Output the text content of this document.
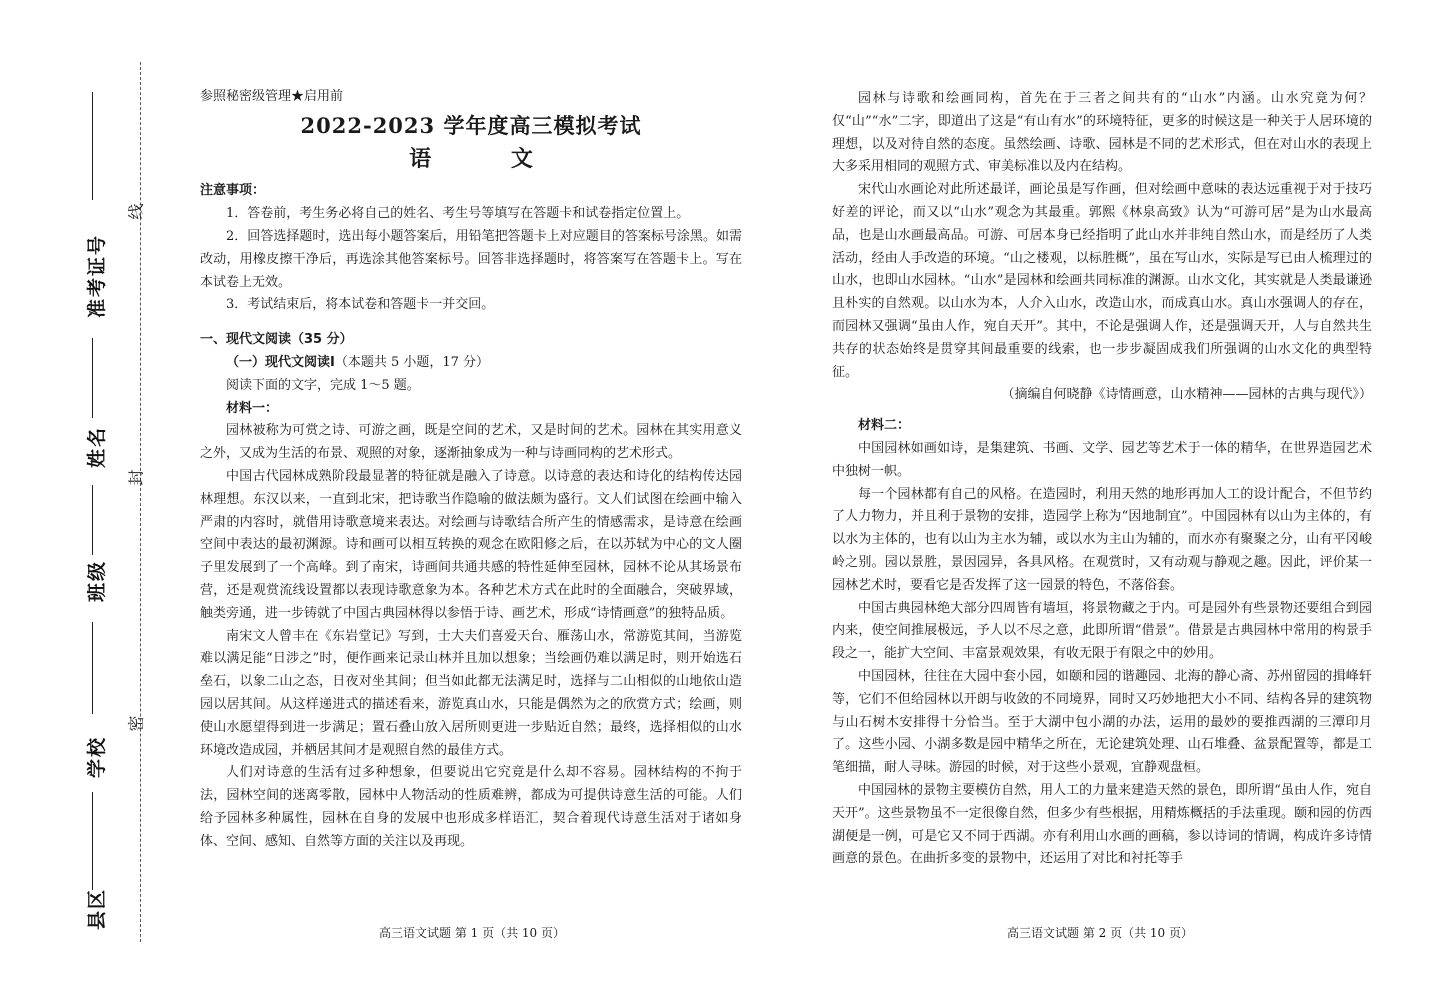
准考证号
姓名
班级
学校
县区
线
封
密

参照秘密级管理★启用前

2022-2023 学年度高三模拟考试

语 文

注意事项：

1．答卷前，考生务必将自己的姓名、考生号等填写在答题卡和试卷指定位置上。

2．回答选择题时，选出每小题答案后，用铅笔把答题卡上对应题目的答案标号涂黑。如需改动，用橡皮擦干净后，再选涂其他答案标号。回答非选择题时，将答案写在答题卡上。写在本试卷上无效。

3．考试结束后，将本试卷和答题卡一并交回。

一、现代文阅读（35 分）

（一）现代文阅读Ⅰ（本题共 5 小题，17 分）

阅读下面的文字，完成 1～5 题。

材料一：

园林被称为可赏之诗、可游之画，既是空间的艺术，又是时间的艺术。园林在其实用意义之外，又成为生活的布景、观照的对象，逐渐抽象成为一种与诗画同构的艺术形式。

中国古代园林成熟阶段最显著的特征就是融入了诗意。以诗意的表达和诗化的结构传达园林理想。东汉以来，一直到北宋，把诗歌当作隐喻的做法颇为盛行。文人们试图在绘画中输入严肃的内容时，就借用诗歌意境来表达。对绘画与诗歌结合所产生的情感需求，是诗意在绘画空间中表达的最初渊源。诗和画可以相互转换的观念在欧阳修之后，在以苏轼为中心的文人圈子里发展到了一个高峰。到了南宋，诗画间共通共感的特性延伸至园林，园林不论从其场景布营，还是观赏流线设置都以表现诗歌意象为本。各种艺术方式在此时的全面融合，突破界域，触类旁通，进一步铸就了中国古典园林得以参悟于诗、画艺术，形成“诗情画意”的独特品质。

南宋文人曾丰在《东岩堂记》写到，士大夫们喜爱天台、雁荡山水，常游览其间，当游览难以满足能“日涉之”时，便作画来记录山林并且加以想象；当绘画仍难以满足时，则开始选石垒石，以象二山之态，日夜对坐其间；但当如此都无法满足时，选择与二山相似的山地依山造园以居其间。从这样递进式的描述看来，游览真山水，只能是偶然为之的欣赏方式；绘画，则使山水愿望得到进一步满足；置石叠山放入居所则更进一步贴近自然；最终，选择相似的山水环境改造成园，并栖居其间才是观照自然的最佳方式。

人们对诗意的生活有过多种想象，但要说出它究竟是什么却不容易。园林结构的不拘于法，园林空间的迷离零散，园林中人物活动的性质难辨，都成为可提供诗意生活的可能。人们给予园林多种属性，园林在自身的发展中也形成多样语汇，契合着现代诗意生活对于诸如身体、空间、感知、自然等方面的关注以及再现。

高三语文试题 第 1 页（共 10 页）

园林与诗歌和绘画同构，首先在于三者之间共有的“山水”内涵。山水究竟为何？仅“山”“水”二字，即道出了这是“有山有水”的环境特征，更多的时候这是一种关于人居环境的理想，以及对待自然的态度。虽然绘画、诗歌、园林是不同的艺术形式，但在对山水的表现上大多采用相同的观照方式、审美标准以及内在结构。

宋代山水画论对此所述最详，画论虽是写作画，但对绘画中意味的表达远重视于对于技巧好差的评论，而又以“山水”观念为其最重。郭熙《林泉高致》认为“可游可居”是为山水最高品，也是山水画最高品。可游、可居本身已经指明了此山水并非纯自然山水，而是经历了人类活动，经由人手改造的环境。“山之楼观，以标胜概”，虽在写山水，实际是写已由人梳理过的山水，也即山水园林。“山水”是园林和绘画共同标准的渊源。山水文化，其实就是人类最谦逊且朴实的自然观。以山水为本，人介入山水，改造山水，而成真山水。真山水强调人的存在，而园林又强调“虽由人作，宛自天开”。其中，不论是强调人作，还是强调天开，人与自然共生共存的状态始终是贯穿其间最重要的线索，也一步步凝固成我们所强调的山水文化的典型特征。

（摘编自何晓静《诗情画意，山水精神——园林的古典与现代》）

材料二：

中国园林如画如诗，是集建筑、书画、文学、园艺等艺术于一体的精华，在世界造园艺术中独树一帜。

每一个园林都有自己的风格。在造园时，利用天然的地形再加人工的设计配合，不但节约了人力物力，并且利于景物的安排，造园学上称为“因地制宜”。中国园林有以山为主体的，有以水为主体的，也有以山为主水为辅，或以水为主山为辅的，而水亦有聚聚之分，山有平冈峻岭之别。园以景胜，景因园异，各具风格。在观赏时，又有动观与静观之趣。因此，评价某一园林艺术时，要看它是否发挥了这一园景的特色，不落俗套。

中国古典园林绝大部分四周皆有墙垣，将景物藏之于内。可是园外有些景物还要组合到园内来，使空间推展极远，予人以不尽之意，此即所谓“借景”。借景是古典园林中常用的构景手段之一，能扩大空间、丰富景观效果，有收无限于有限之中的妙用。

中国园林，往往在大园中套小园，如颐和园的谐趣园、北海的静心斋、苏州留园的揖峰轩等，它们不但给园林以开朗与收敛的不同境界，同时又巧妙地把大小不同、结构各异的建筑物与山石树木安排得十分恰当。至于大湖中包小湖的办法，运用的最妙的要推西湖的三潭印月了。这些小园、小湖多数是园中精华之所在，无论建筑处理、山石堆叠、盆景配置等，都是工笔细描，耐人寻味。游园的时候，对于这些小景观，宜静观盘桓。

中国园林的景物主要模仿自然，用人工的力量来建造天然的景色，即所谓“虽由人作，宛自天开”。这些景物虽不一定很像自然，但多少有些根据，用精炼概括的手法重现。颐和园的仿西湖便是一例，可是它又不同于西湖。亦有利用山水画的画稿，参以诗词的情调，构成许多诗情画意的景色。在曲折多变的景物中，还运用了对比和衬托等手

高三语文试题 第 2 页（共 10 页）
